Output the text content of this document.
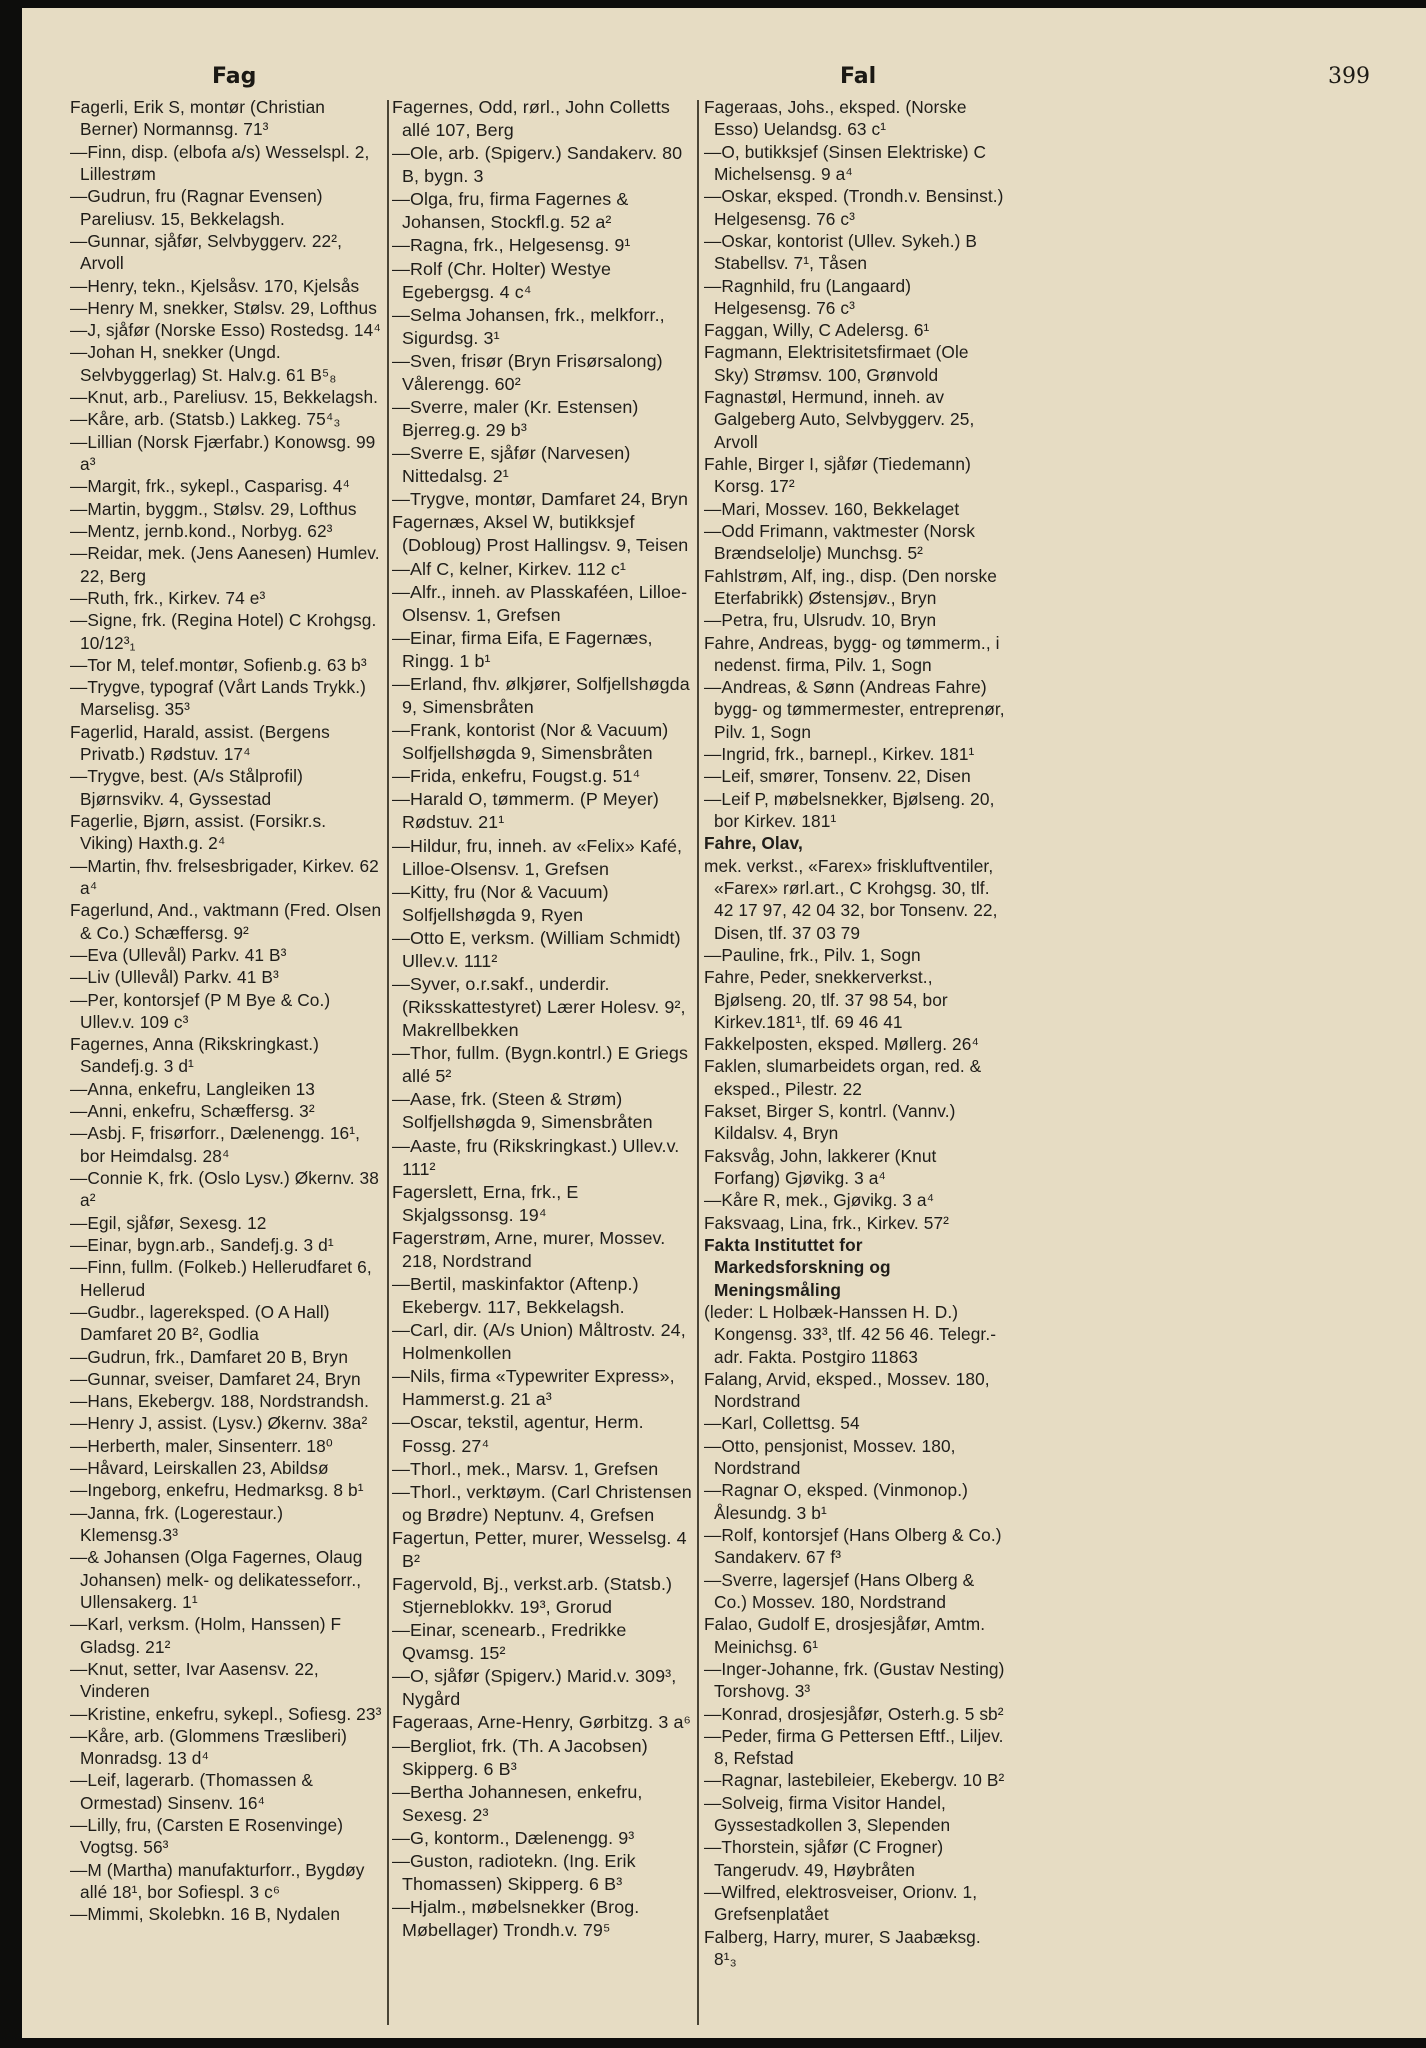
Fag	Fal	399
Fagerli, Erik S, montør (Christian Berner) Normannsg. 71³
—Finn, disp. (elbofa a/s) Wesselspl. 2, Lillestrøm
—Gudrun, fru (Ragnar Evensen) Pareliusv. 15, Bekkelagsh.
—Gunnar, sjåfør, Selvbyggerv. 22², Arvoll
—Henry, tekn., Kjelsåsv. 170, Kjelsås
—Henry M, snekker, Stølsv. 29, Lofthus
—J, sjåfør (Norske Esso) Rostedsg. 14⁴
—Johan H, snekker (Ungd. Selvbyggerlag) St. Halv.g. 61 B⁵₈
—Knut, arb., Pareliusv. 15, Bekkelagsh.
—Kåre, arb. (Statsb.) Lakkeg. 75⁴₃
—Lillian (Norsk Fjærfabr.) Konowsg. 99 a³
—Margit, frk., sykepl., Casparisg. 4⁴
—Martin, byggm., Stølsv. 29, Lofthus
—Mentz, jernb.kond., Norbyg. 62³
—Reidar, mek. (Jens Aanesen) Humlev. 22, Berg
—Ruth, frk., Kirkev. 74 e³
—Signe, frk. (Regina Hotel) C Krohgsg. 10/12³₁
—Tor M, telef.montør, Sofienb.g. 63 b³
—Trygve, typograf (Vårt Lands Trykk.) Marselisg. 35³
Fagerlid, Harald, assist. (Bergens Privatb.) Rødstuv. 17⁴
—Trygve, best. (A/s Stålprofil) Bjørnsvikv. 4, Gyssestad
Fagerlie, Bjørn, assist. (Forsikr.s. Viking) Haxth.g. 2⁴
—Martin, fhv. frelsesbrigader, Kirkev. 62 a⁴
Fagerlund, And., vaktmann (Fred. Olsen & Co.) Schæffersg. 9²
—Eva (Ullevål) Parkv. 41 B³
—Liv (Ullevål) Parkv. 41 B³
—Per, kontorsjef (P M Bye & Co.) Ullev.v. 109 c³
Fagernes, Anna (Rikskringkast.) Sandefj.g. 3 d¹
—Anna, enkefru, Langleiken 13
—Anni, enkefru, Schæffersg. 3²
—Asbj. F, frisørforr., Dælenengg. 16¹, bor Heimdalsg. 28⁴
—Connie K, frk. (Oslo Lysv.) Økernv. 38 a²
—Egil, sjåfør, Sexesg. 12
—Einar, bygn.arb., Sandefj.g. 3 d¹
—Finn, fullm. (Folkeb.) Hellerudfaret 6, Hellerud
—Gudbr., lagereksped. (O A Hall) Damfaret 20 B², Godlia
—Gudrun, frk., Damfaret 20 B, Bryn
—Gunnar, sveiser, Damfaret 24, Bryn
—Hans, Ekebergv. 188, Nordstrandsh.
—Henry J, assist. (Lysv.) Økernv. 38a²
—Herberth, maler, Sinsenterr. 18⁰
—Håvard, Leirskallen 23, Abildsø
—Ingeborg, enkefru, Hedmarksg. 8 b¹
—Janna, frk. (Logerestaur.) Klemensg.3³
—& Johansen (Olga Fagernes, Olaug Johansen) melk- og delikatesseforr., Ullensakerg. 1¹
—Karl, verksm. (Holm, Hanssen) F Gladsg. 21²
—Knut, setter, Ivar Aasensv. 22, Vinderen
—Kristine, enkefru, sykepl., Sofiesg. 23³
—Kåre, arb. (Glommens Træsliberi) Monradsg. 13 d⁴
—Leif, lagerarb. (Thomassen & Ormestad) Sinsenv. 16⁴
—Lilly, fru, (Carsten E Rosenvinge) Vogtsg. 56³
—M (Martha) manufakturforr., Bygdøy allé 18¹, bor Sofiespl. 3 c⁶
—Mimmi, Skolebkn. 16 B, Nydalen
Fagernes, Odd, rørl., John Colletts allé 107, Berg
—Ole, arb. (Spigerv.) Sandakerv. 80 B, bygn. 3
—Olga, fru, firma Fagernes & Johansen, Stockfl.g. 52 a²
—Ragna, frk., Helgesensg. 9¹
—Rolf (Chr. Holter) Westye Egebergsg. 4 c⁴
—Selma Johansen, frk., melkforr., Sigurdsg. 3¹
—Sven, frisør (Bryn Frisørsalong) Vålerengg. 60²
—Sverre, maler (Kr. Estensen) Bjerreg.g. 29 b³
—Sverre E, sjåfør (Narvesen) Nittedalsg. 2¹
—Trygve, montør, Damfaret 24, Bryn
Fagernæs, Aksel W, butikksjef (Dobloug) Prost Hallingsv. 9, Teisen
—Alf C, kelner, Kirkev. 112 c¹
—Alfr., inneh. av Plasskaféen, Lilloe-Olsensv. 1, Grefsen
—Einar, firma Eifa, E Fagernæs, Ringg. 1 b¹
—Erland, fhv. ølkjører, Solfjellshøgda 9, Simensbråten
—Frank, kontorist (Nor & Vacuum) Solfjellshøgda 9, Simensbråten
—Frida, enkefru, Fougst.g. 51⁴
—Harald O, tømmerm. (P Meyer) Rødstuv. 21¹
—Hildur, fru, inneh. av «Felix» Kafé, Lilloe-Olsensv. 1, Grefsen
—Kitty, fru (Nor & Vacuum) Solfjellshøgda 9, Ryen
—Otto E, verksm. (William Schmidt) Ullev.v. 111²
—Syver, o.r.sakf., underdir. (Riksskattestyret) Lærer Holesv. 9², Makrellbekken
—Thor, fullm. (Bygn.kontrl.) E Griegs allé 5²
—Aase, frk. (Steen & Strøm) Solfjellshøgda 9, Simensbråten
—Aaste, fru (Rikskringkast.) Ullev.v. 111²
Fagerslett, Erna, frk., E Skjalgssonsg. 19⁴
Fagerstrøm, Arne, murer, Mossev. 218, Nordstrand
—Bertil, maskinfaktor (Aftenp.) Ekebergv. 117, Bekkelagsh.
—Carl, dir. (A/s Union) Måltrostv. 24, Holmenkollen
—Nils, firma «Typewriter Express», Hammerst.g. 21 a³
—Oscar, tekstil, agentur, Herm. Fossg. 27⁴
—Thorl., mek., Marsv. 1, Grefsen
—Thorl., verktøym. (Carl Christensen og Brødre) Neptunv. 4, Grefsen
Fagertun, Petter, murer, Wesselsg. 4 B²
Fagervold, Bj., verkst.arb. (Statsb.) Stjerneblokkv. 19³, Grorud
—Einar, scenearb., Fredrikke Qvamsg. 15²
—O, sjåfør (Spigerv.) Marid.v. 309³, Nygård
Fageraas, Arne-Henry, Gørbitzg. 3 a⁶
—Bergliot, frk. (Th. A Jacobsen) Skipperg. 6 B³
—Bertha Johannesen, enkefru, Sexesg. 2³
—G, kontorm., Dælenengg. 9³
—Guston, radiotekn. (Ing. Erik Thomassen) Skipperg. 6 B³
—Hjalm., møbelsnekker (Brog. Møbellager) Trondh.v. 79⁵
Fageraas, Johs., eksped. (Norske Esso) Uelandsg. 63 c¹
—O, butikksjef (Sinsen Elektriske) C Michelsensg. 9 a⁴
—Oskar, eksped. (Trondh.v. Bensinst.) Helgesensg. 76 c³
—Oskar, kontorist (Ullev. Sykeh.) B Stabellsv. 7¹, Tåsen
—Ragnhild, fru (Langaard) Helgesensg. 76 c³
Faggan, Willy, C Adelersg. 6¹
Fagmann, Elektrisitetsfirmaet (Ole Sky) Strømsv. 100, Grønvold
Fagnastøl, Hermund, inneh. av Galgeberg Auto, Selvbyggerv. 25, Arvoll
Fahle, Birger I, sjåfør (Tiedemann) Korsg. 17²
—Mari, Mossev. 160, Bekkelaget
—Odd Frimann, vaktmester (Norsk Brændselolje) Munchsg. 5²
Fahlstrøm, Alf, ing., disp. (Den norske Eterfabrikk) Østensjøv., Bryn
—Petra, fru, Ulsrudv. 10, Bryn
Fahre, Andreas, bygg- og tømmerm., i nedenst. firma, Pilv. 1, Sogn
—Andreas, & Sønn (Andreas Fahre) bygg- og tømmermester, entreprenør, Pilv. 1, Sogn
—Ingrid, frk., barnepl., Kirkev. 181¹
—Leif, smører, Tonsenv. 22, Disen
—Leif P, møbelsnekker, Bjølseng. 20, bor Kirkev. 181¹
Fahre, Olav,
mek. verkst., «Farex» friskluftventiler, «Farex» rørl.art., C Krohgsg. 30, tlf. 42 17 97, 42 04 32, bor Tonsenv. 22, Disen, tlf. 37 03 79
—Pauline, frk., Pilv. 1, Sogn
Fahre, Peder, snekkerverkst., Bjølseng. 20, tlf. 37 98 54, bor Kirkev.181¹, tlf. 69 46 41
Fakkelposten, eksped. Møllerg. 26⁴
Faklen, slumarbeidets organ, red. & eksped., Pilestr. 22
Fakset, Birger S, kontrl. (Vannv.) Kildalsv. 4, Bryn
Faksvåg, John, lakkerer (Knut Forfang) Gjøvikg. 3 a⁴
—Kåre R, mek., Gjøvikg. 3 a⁴
Faksvaag, Lina, frk., Kirkev. 57²
Fakta Instituttet for Markedsforskning og Meningsmåling
(leder: L Holbæk-Hanssen H. D.) Kongensg. 33³, tlf. 42 56 46. Telegr.-adr. Fakta. Postgiro 11863
Falang, Arvid, eksped., Mossev. 180, Nordstrand
—Karl, Collettsg. 54
—Otto, pensjonist, Mossev. 180, Nordstrand
—Ragnar O, eksped. (Vinmonop.) Ålesundg. 3 b¹
—Rolf, kontorsjef (Hans Olberg & Co.) Sandakerv. 67 f³
—Sverre, lagersjef (Hans Olberg & Co.) Mossev. 180, Nordstrand
Falao, Gudolf E, drosjesjåfør, Amtm. Meinichsg. 6¹
—Inger-Johanne, frk. (Gustav Nesting) Torshovg. 3³
—Konrad, drosjesjåfør, Osterh.g. 5 sb²
—Peder, firma G Pettersen Eftf., Liljev. 8, Refstad
—Ragnar, lastebileier, Ekebergv. 10 B²
—Solveig, firma Visitor Handel, Gyssestadkollen 3, Slependen
—Thorstein, sjåfør (C Frogner) Tangerudv. 49, Høybråten
—Wilfred, elektrosveiser, Orionv. 1, Grefsenplatået
Falberg, Harry, murer, S Jaabæksg. 8¹₃
